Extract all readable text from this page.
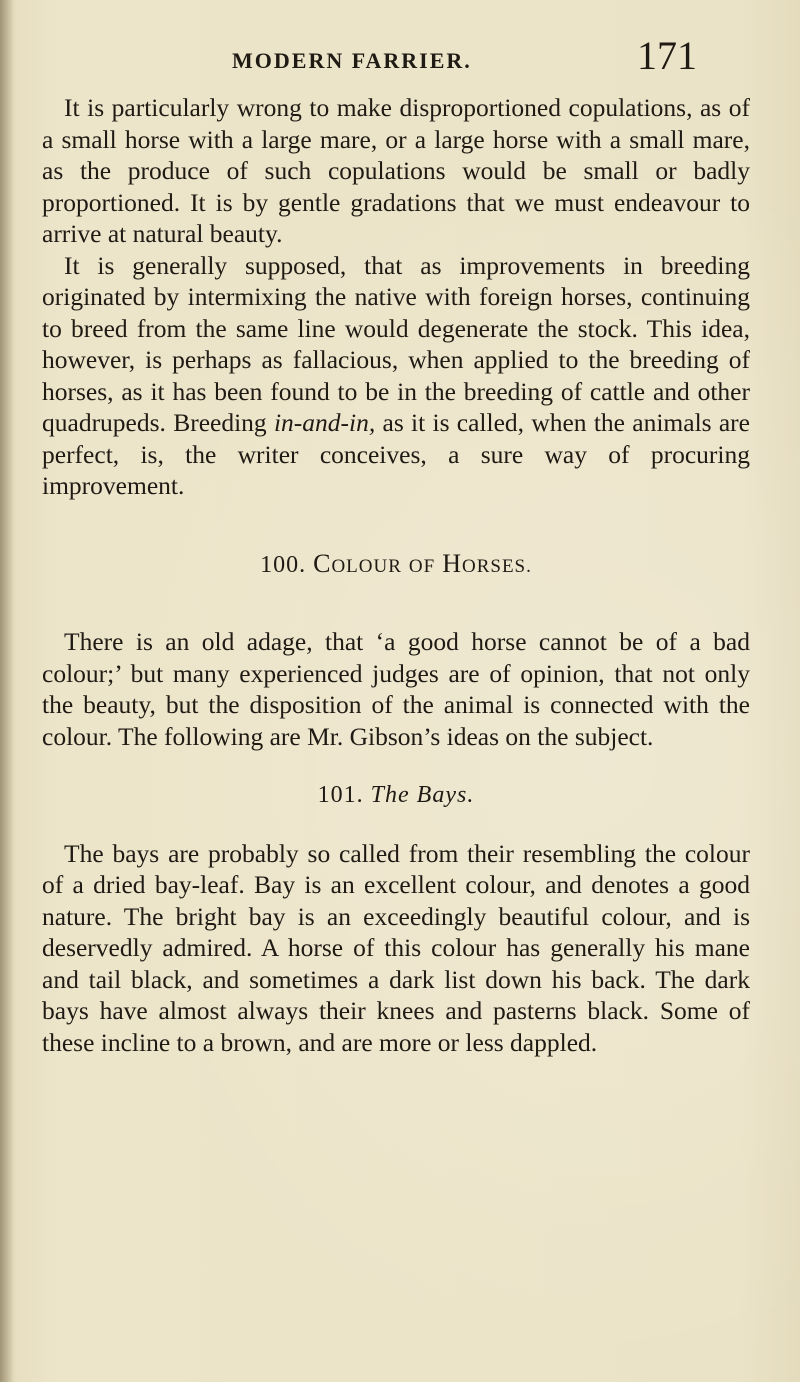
MODERN FARRIER.	171

It is particularly wrong to make disproportioned copulations, as of a small horse with a large mare, or a large horse with a small mare, as the produce of such copulations would be small or badly proportioned. It is by gentle gradations that we must endeavour to arrive at natural beauty.

It is generally supposed, that as improvements in breeding originated by intermixing the native with foreign horses, continuing to breed from the same line would degenerate the stock. This idea, however, is perhaps as fallacious, when applied to the breeding of horses, as it has been found to be in the breeding of cattle and other quadrupeds. Breeding in-and-in, as it is called, when the animals are perfect, is, the writer conceives, a sure way of procuring improvement.

100. COLOUR OF HORSES.

There is an old adage, that ‘a good horse cannot be of a bad colour;’ but many experienced judges are of opinion, that not only the beauty, but the disposition of the animal is connected with the colour. The following are Mr. Gibson’s ideas on the subject.

101. The Bays.

The bays are probably so called from their resembling the colour of a dried bay-leaf. Bay is an excellent colour, and denotes a good nature. The bright bay is an exceedingly beautiful colour, and is deservedly admired. A horse of this colour has generally his mane and tail black, and sometimes a dark list down his back. The dark bays have almost always their knees and pasterns black. Some of these incline to a brown, and are more or less dappled.
